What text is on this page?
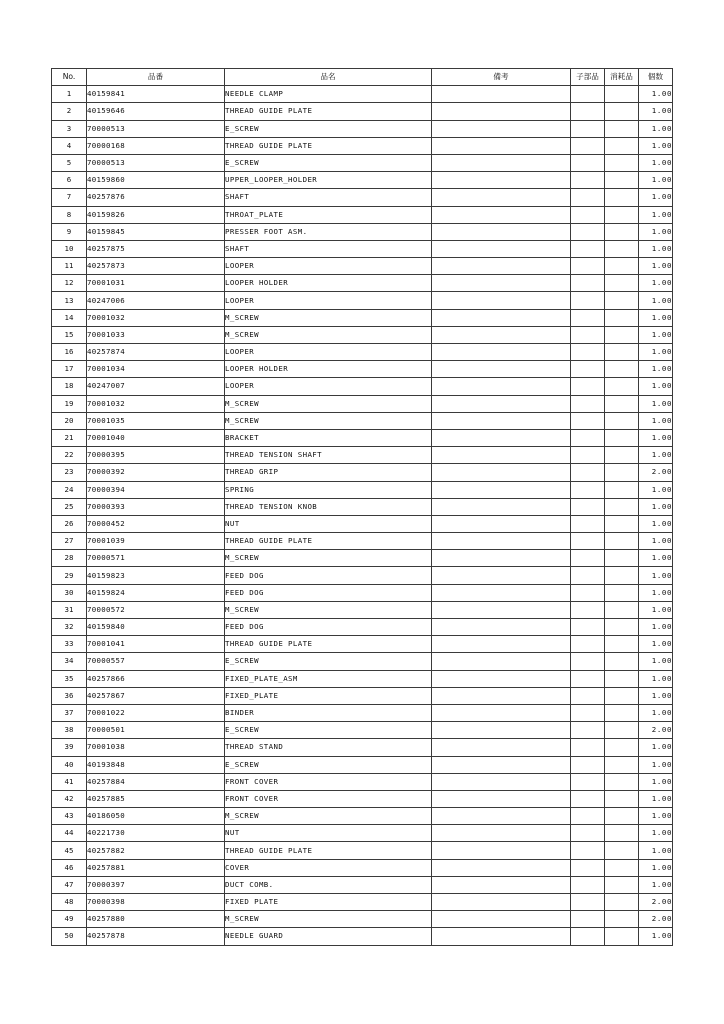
No.	品番	品名	備考	子部品	消耗品	個数
1	40159841	NEEDLE CLAMP				1.00
2	40159646	THREAD GUIDE PLATE				1.00
3	70000513	E_SCREW				1.00
4	70000168	THREAD GUIDE PLATE				1.00
5	70000513	E_SCREW				1.00
6	40159860	UPPER_LOOPER_HOLDER				1.00
7	40257876	SHAFT				1.00
8	40159826	THROAT_PLATE				1.00
9	40159845	PRESSER FOOT ASM.				1.00
10	40257875	SHAFT				1.00
11	40257873	LOOPER				1.00
12	70001031	LOOPER HOLDER				1.00
13	40247006	LOOPER				1.00
14	70001032	M_SCREW				1.00
15	70001033	M_SCREW				1.00
16	40257874	LOOPER				1.00
17	70001034	LOOPER HOLDER				1.00
18	40247007	LOOPER				1.00
19	70001032	M_SCREW				1.00
20	70001035	M_SCREW				1.00
21	70001040	BRACKET				1.00
22	70000395	THREAD TENSION SHAFT				1.00
23	70000392	THREAD GRIP				2.00
24	70000394	SPRING				1.00
25	70000393	THREAD TENSION KNOB				1.00
26	70000452	NUT				1.00
27	70001039	THREAD GUIDE PLATE				1.00
28	70000571	M_SCREW				1.00
29	40159823	FEED DOG				1.00
30	40159824	FEED DOG				1.00
31	70000572	M_SCREW				1.00
32	40159840	FEED DOG				1.00
33	70001041	THREAD GUIDE PLATE				1.00
34	70000557	E_SCREW				1.00
35	40257866	FIXED_PLATE_ASM				1.00
36	40257867	FIXED_PLATE				1.00
37	70001022	BINDER				1.00
38	70000501	E_SCREW				2.00
39	70001038	THREAD STAND				1.00
40	40193848	E_SCREW				1.00
41	40257884	FRONT COVER				1.00
42	40257885	FRONT COVER				1.00
43	40186050	M_SCREW				1.00
44	40221730	NUT				1.00
45	40257882	THREAD GUIDE PLATE				1.00
46	40257881	COVER				1.00
47	70000397	DUCT COMB.				1.00
48	70000398	FIXED PLATE				2.00
49	40257880	M_SCREW				2.00
50	40257878	NEEDLE GUARD				1.00
